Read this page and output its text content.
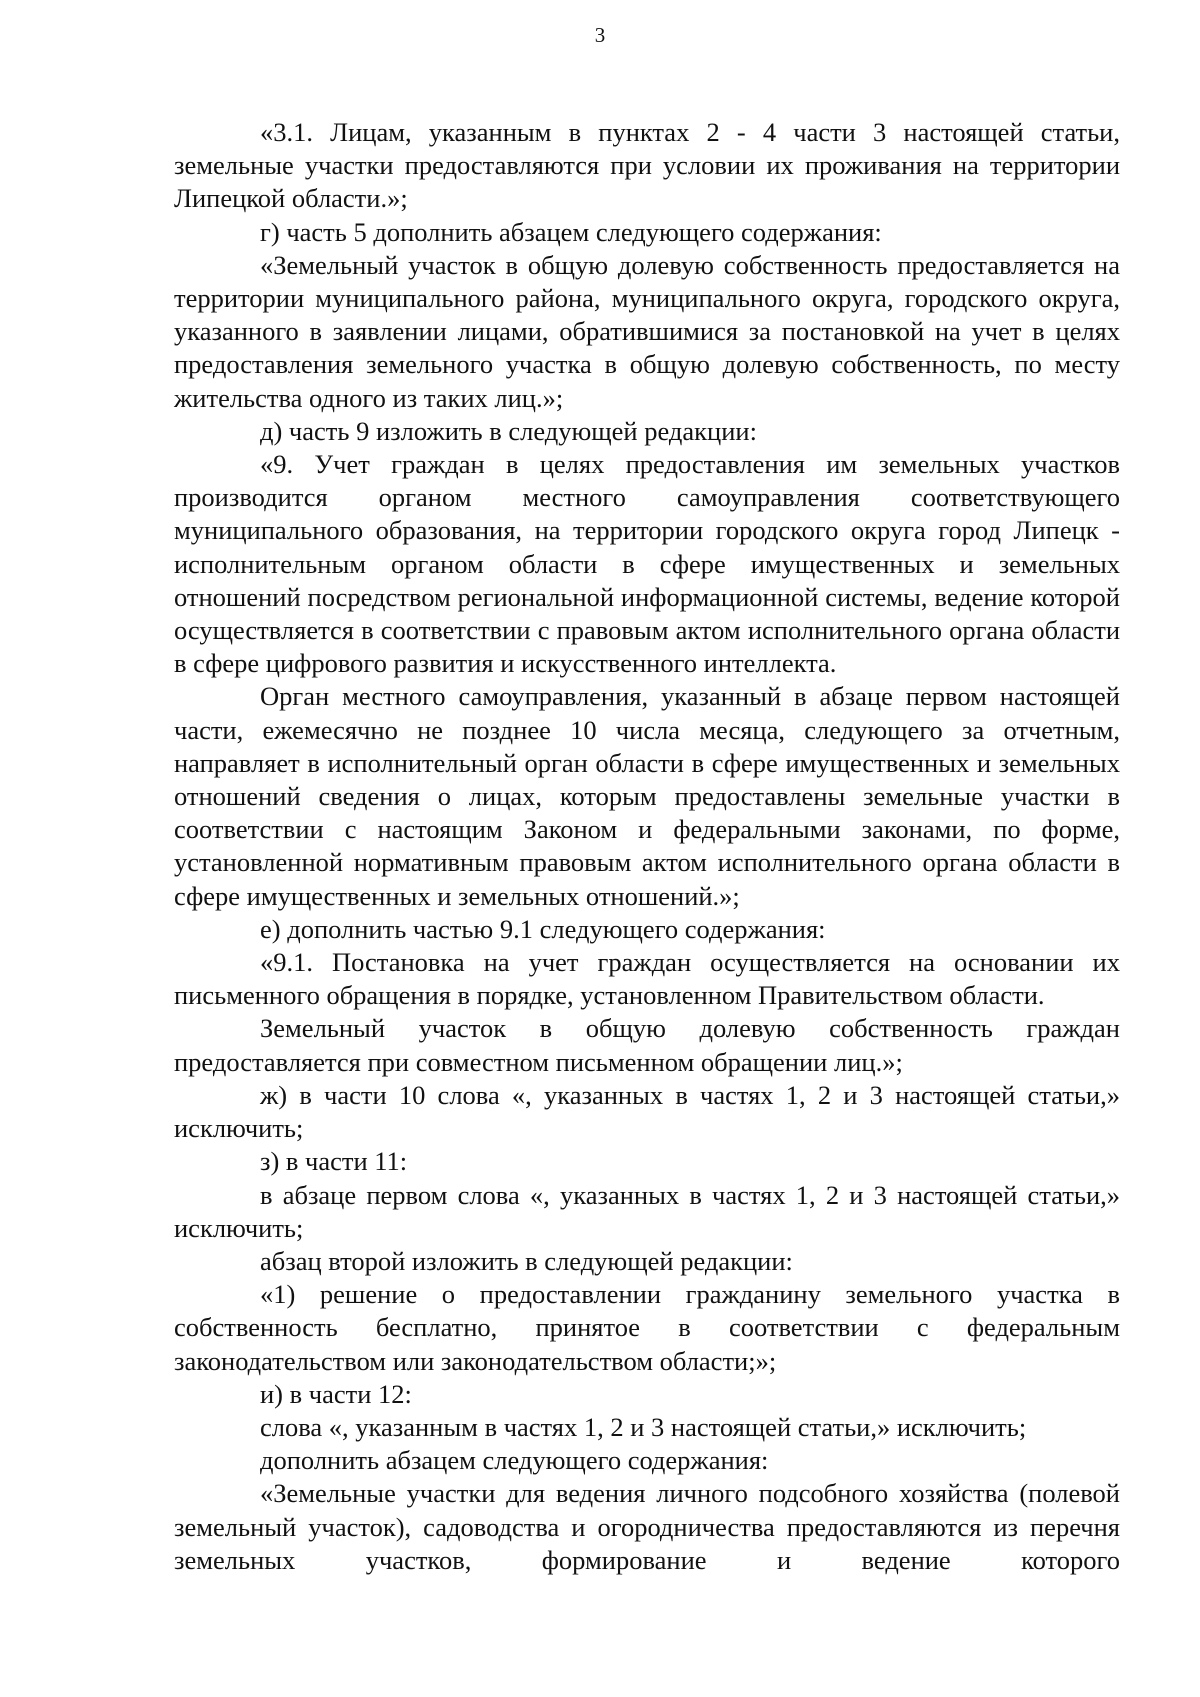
3

«3.1. Лицам, указанным в пунктах 2 - 4 части 3 настоящей статьи, земельные участки предоставляются при условии их проживания на территории Липецкой области.»;

г) часть 5 дополнить абзацем следующего содержания:

«Земельный участок в общую долевую собственность предоставляется на территории муниципального района, муниципального округа, городского округа, указанного в заявлении лицами, обратившимися за постановкой на учет в целях предоставления земельного участка в общую долевую собственность, по месту жительства одного из таких лиц.»;

д) часть 9 изложить в следующей редакции:

«9. Учет граждан в целях предоставления им земельных участков производится органом местного самоуправления соответствующего муниципального образования, на территории городского округа город Липецк - исполнительным органом области в сфере имущественных и земельных отношений посредством региональной информационной системы, ведение которой осуществляется в соответствии с правовым актом исполнительного органа области в сфере цифрового развития и искусственного интеллекта.

Орган местного самоуправления, указанный в абзаце первом настоящей части, ежемесячно не позднее 10 числа месяца, следующего за отчетным, направляет в исполнительный орган области в сфере имущественных и земельных отношений сведения о лицах, которым предоставлены земельные участки в соответствии с настоящим Законом и федеральными законами, по форме, установленной нормативным правовым актом исполнительного органа области в сфере имущественных и земельных отношений.»;

е) дополнить частью 9.1 следующего содержания:

«9.1. Постановка на учет граждан осуществляется на основании их письменного обращения в порядке, установленном Правительством области.

Земельный участок в общую долевую собственность граждан предоставляется при совместном письменном обращении лиц.»;

ж) в части 10 слова «, указанных в частях 1, 2 и 3 настоящей статьи,» исключить;

з) в части 11:

в абзаце первом слова «, указанных в частях 1, 2 и 3 настоящей статьи,» исключить;

абзац второй изложить в следующей редакции:

«1) решение о предоставлении гражданину земельного участка в собственность бесплатно, принятое в соответствии с федеральным законодательством или законодательством области;»;

и) в части 12:

слова «, указанным в частях 1, 2 и 3 настоящей статьи,» исключить;

дополнить абзацем следующего содержания:

«Земельные участки для ведения личного подсобного хозяйства (полевой земельный участок), садоводства и огородничества предоставляются из перечня земельных участков, формирование и ведение которого
